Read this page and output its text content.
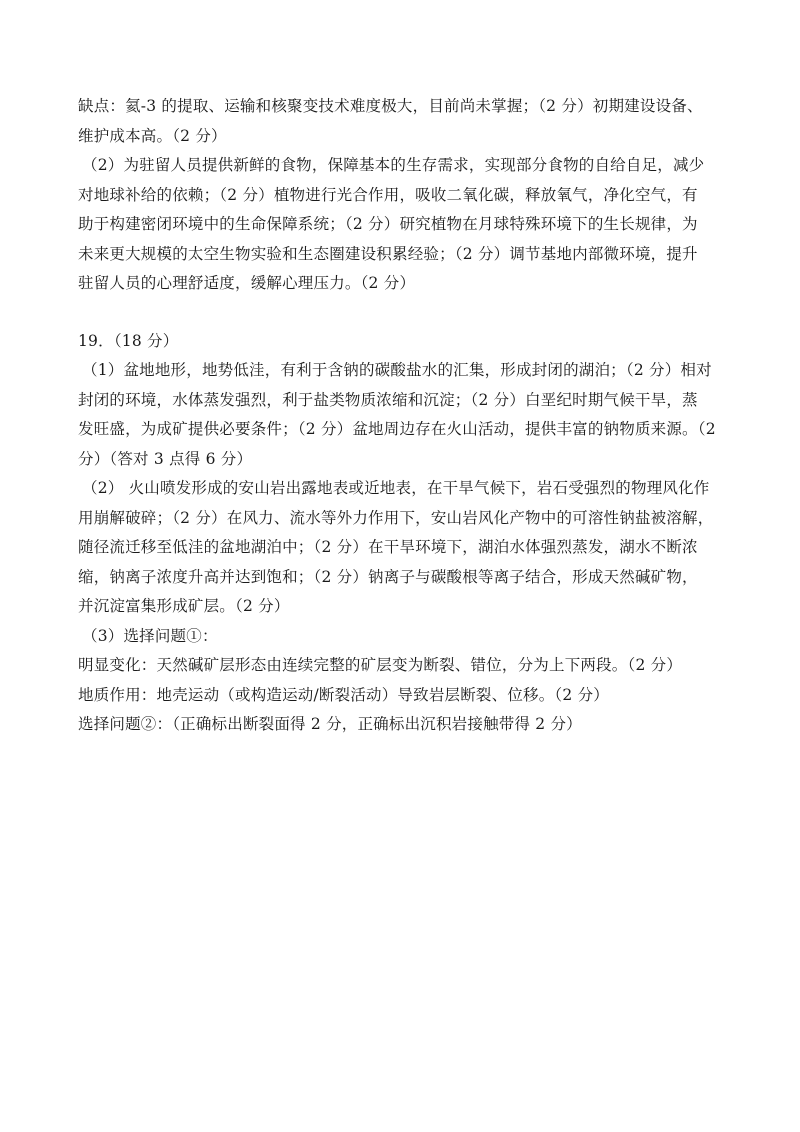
缺点：氦-3 的提取、运输和核聚变技术难度极大，目前尚未掌握；（2 分）初期建设设备、
维护成本高。（2 分）
（2）为驻留人员提供新鲜的食物，保障基本的生存需求，实现部分食物的自给自足，减少
对地球补给的依赖；（2 分）植物进行光合作用，吸收二氧化碳，释放氧气，净化空气，有
助于构建密闭环境中的生命保障系统；（2 分）研究植物在月球特殊环境下的生长规律，为
未来更大规模的太空生物实验和生态圈建设积累经验；（2 分）调节基地内部微环境，提升
驻留人员的心理舒适度，缓解心理压力。（2 分）
19．（18 分）
（1）盆地地形，地势低洼，有利于含钠的碳酸盐水的汇集，形成封闭的湖泊；（2 分）相对
封闭的环境，水体蒸发强烈，利于盐类物质浓缩和沉淀；（2 分）白垩纪时期气候干旱，蒸
发旺盛，为成矿提供必要条件；（2 分）盆地周边存在火山活动，提供丰富的钠物质来源。（2
分）（答对 3 点得 6 分）
（2） 火山喷发形成的安山岩出露地表或近地表，在干旱气候下，岩石受强烈的物理风化作
用崩解破碎；（2 分）在风力、流水等外力作用下，安山岩风化产物中的可溶性钠盐被溶解，
随径流迁移至低洼的盆地湖泊中；（2 分）在干旱环境下，湖泊水体强烈蒸发，湖水不断浓
缩，钠离子浓度升高并达到饱和；（2 分）钠离子与碳酸根等离子结合，形成天然碱矿物，
并沉淀富集形成矿层。（2 分）
（3）选择问题①：
明显变化：天然碱矿层形态由连续完整的矿层变为断裂、错位，分为上下两段。（2 分）
地质作用：地壳运动（或构造运动/断裂活动）导致岩层断裂、位移。（2 分）
选择问题②：（正确标出断裂面得 2 分，正确标出沉积岩接触带得 2 分）
